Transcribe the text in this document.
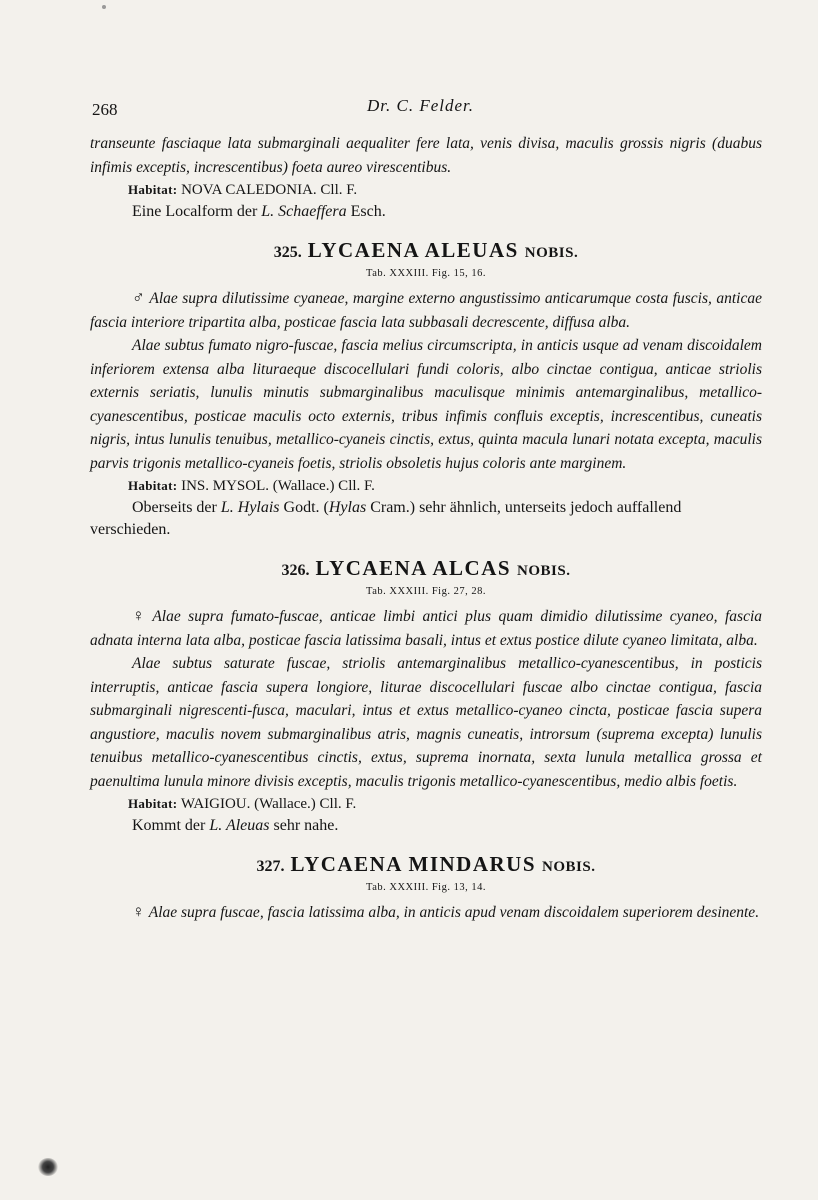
268	Dr. C. Felder.

transeunte fasciaque lata submarginali aequaliter fere lata, venis divisa, maculis grossis nigris (duabus infimis exceptis, increscentibus) foeta aureo virescentibus.

Habitat: NOVA CALEDONIA. Cll. F.

Eine Localform der L. Schaeffera Esch.

325. LYCAENA ALEUAS NOBIS.
Tab. XXXIII. Fig. 15, 16.

♂ Alae supra dilutissime cyaneae, margine externo angustissimo anticarumque costa fuscis, anticae fascia interiore tripartita alba, posticae fascia lata subbasali decrescente, diffusa alba.

Alae subtus fumato nigro-fuscae, fascia melius circumscripta, in anticis usque ad venam discoidalem inferiorem extensa alba lituraeque discocellulari fundi coloris, albo cinctae contigua, anticae striolis externis seriatis, lunulis minutis submarginalibus maculisque minimis antemarginalibus, metallico-cyanescentibus, posticae maculis octo externis, tribus infimis confluis exceptis, increscentibus, cuneatis nigris, intus lunulis tenuibus, metallico-cyaneis cinctis, extus, quinta macula lunari notata excepta, maculis parvis trigonis metallico-cyaneis foetis, striolis obsoletis hujus coloris ante marginem.

Habitat: INS. MYSOL. (Wallace.) Cll. F.

Oberseits der L. Hylais Godt. (Hylas Cram.) sehr ähnlich, unterseits jedoch auffallend verschieden.

326. LYCAENA ALCAS NOBIS.
Tab. XXXIII. Fig. 27, 28.

♀ Alae supra fumato-fuscae, anticae limbi antici plus quam dimidio dilutissime cyaneo, fascia adnata interna lata alba, posticae fascia latissima basali, intus et extus postice dilute cyaneo limitata, alba.

Alae subtus saturate fuscae, striolis antemarginalibus metallico-cyanescentibus, in posticis interruptis, anticae fascia supera longiore, liturae discocellulari fuscae albo cinctae contigua, fascia submarginali nigrescenti-fusca, maculari, intus et extus metallico-cyaneo cincta, posticae fascia supera angustiore, maculis novem submarginalibus atris, magnis cuneatis, introrsum (suprema excepta) lunulis tenuibus metallico-cyanescentibus cinctis, extus, suprema inornata, sexta lunula metallica grossa et paenultima lunula minore divisis exceptis, maculis trigonis metallico-cyanescentibus, medio albis foetis.

Habitat: WAIGIOU. (Wallace.) Cll. F.

Kommt der L. Aleuas sehr nahe.

327. LYCAENA MINDARUS NOBIS.
Tab. XXXIII. Fig. 13, 14.

♀ Alae supra fuscae, fascia latissima alba, in anticis apud venam discoidalem superiorem desinente.
